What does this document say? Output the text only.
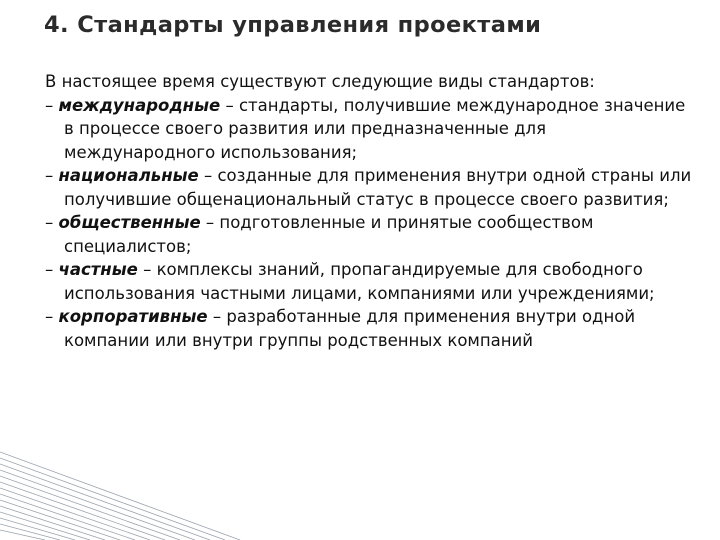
4. Стандарты управления проектами

В настоящее время существуют следующие виды стандартов:

– международные – стандарты, получившие международное значение в процессе своего развития или предназначенные для международного использования;

– национальные – созданные для применения внутри одной страны или получившие общенациональный статус в процессе своего развития;

– общественные – подготовленные и принятые сообществом специалистов;

– частные – комплексы знаний, пропагандируемые для свободного использования частными лицами, компаниями или учреждениями;

– корпоративные – разработанные для применения внутри одной компании или внутри группы родственных компаний
